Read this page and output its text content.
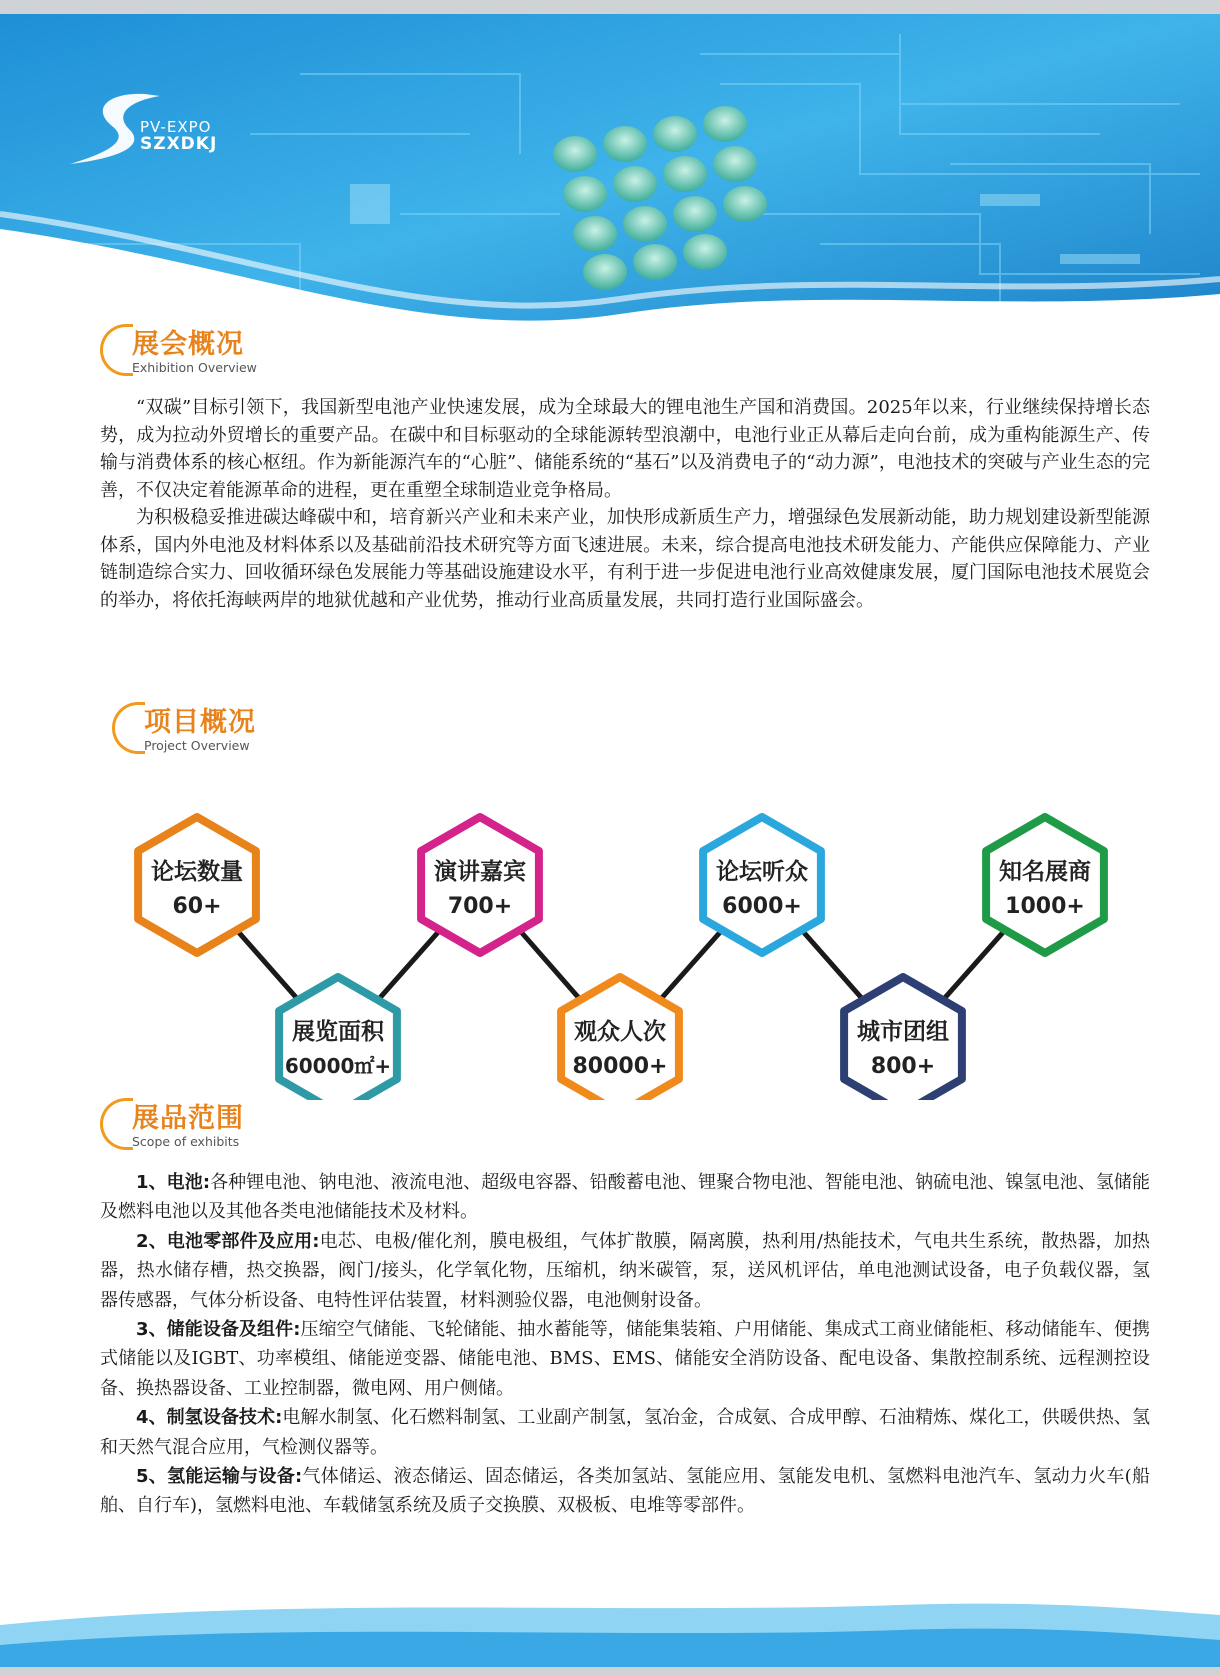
PV-EXPO
SZXDKJ
展会概况
Exhibition Overview

“双碳”目标引领下，我国新型电池产业快速发展，成为全球最大的锂电池生产国和消费国。2025年以来，行业继续保持增长态势，成为拉动外贸增长的重要产品。在碳中和目标驱动的全球能源转型浪潮中，电池行业正从幕后走向台前，成为重构能源生产、传输与消费体系的核心枢纽。作为新能源汽车的“心脏”、储能系统的“基石”以及消费电子的“动力源”，电池技术的突破与产业生态的完善，不仅决定着能源革命的进程，更在重塑全球制造业竞争格局。

为积极稳妥推进碳达峰碳中和，培育新兴产业和未来产业，加快形成新质生产力，增强绿色发展新动能，助力规划建设新型能源体系，国内外电池及材料体系以及基础前沿技术研究等方面飞速进展。未来，综合提高电池技术研发能力、产能供应保障能力、产业链制造综合实力、回收循环绿色发展能力等基础设施建设水平，有利于进一步促进电池行业高效健康发展，厦门国际电池技术展览会的举办，将依托海峡两岸的地狱优越和产业优势，推动行业高质量发展，共同打造行业国际盛会。

项目概况
Project Overview
论坛数量
60+
展览面积
60000㎡+
演讲嘉宾
700+
观众人次
80000+
论坛听众
6000+
城市团组
800+
知名展商
1000+
展品范围
Scope of exhibits

1、电池:各种锂电池、钠电池、液流电池、超级电容器、铅酸蓄电池、锂聚合物电池、智能电池、钠硫电池、镍氢电池、氢储能及燃料电池以及其他各类电池储能技术及材料。

2、电池零部件及应用:电芯、电极/催化剂，膜电极组，气体扩散膜，隔离膜，热利用/热能技术，气电共生系统，散热器，加热器，热水储存槽，热交换器，阀门/接头，化学氧化物，压缩机，纳米碳管，泵，送风机评估，单电池测试设备，电子负载仪器，氢器传感器，气体分析设备、电特性评估装置，材料测验仪器，电池侧射设备。

3、储能设备及组件:压缩空气储能、飞轮储能、抽水蓄能等，储能集装箱、户用储能、集成式工商业储能柜、移动储能车、便携式储能以及IGBT、功率模组、储能逆变器、储能电池、BMS、EMS、储能安全消防设备、配电设备、集散控制系统、远程测控设备、换热器设备、工业控制器，微电网、用户侧储。

4、制氢设备技术:电解水制氢、化石燃料制氢、工业副产制氢，氢冶金，合成氨、合成甲醇、石油精炼、煤化工，供暖供热、氢和天然气混合应用，气检测仪器等。

5、氢能运输与设备:气体储运、液态储运、固态储运，各类加氢站、氢能应用、氢能发电机、氢燃料电池汽车、氢动力火车(船舶、自行车)，氢燃料电池、车载储氢系统及质子交换膜、双极板、电堆等零部件。
